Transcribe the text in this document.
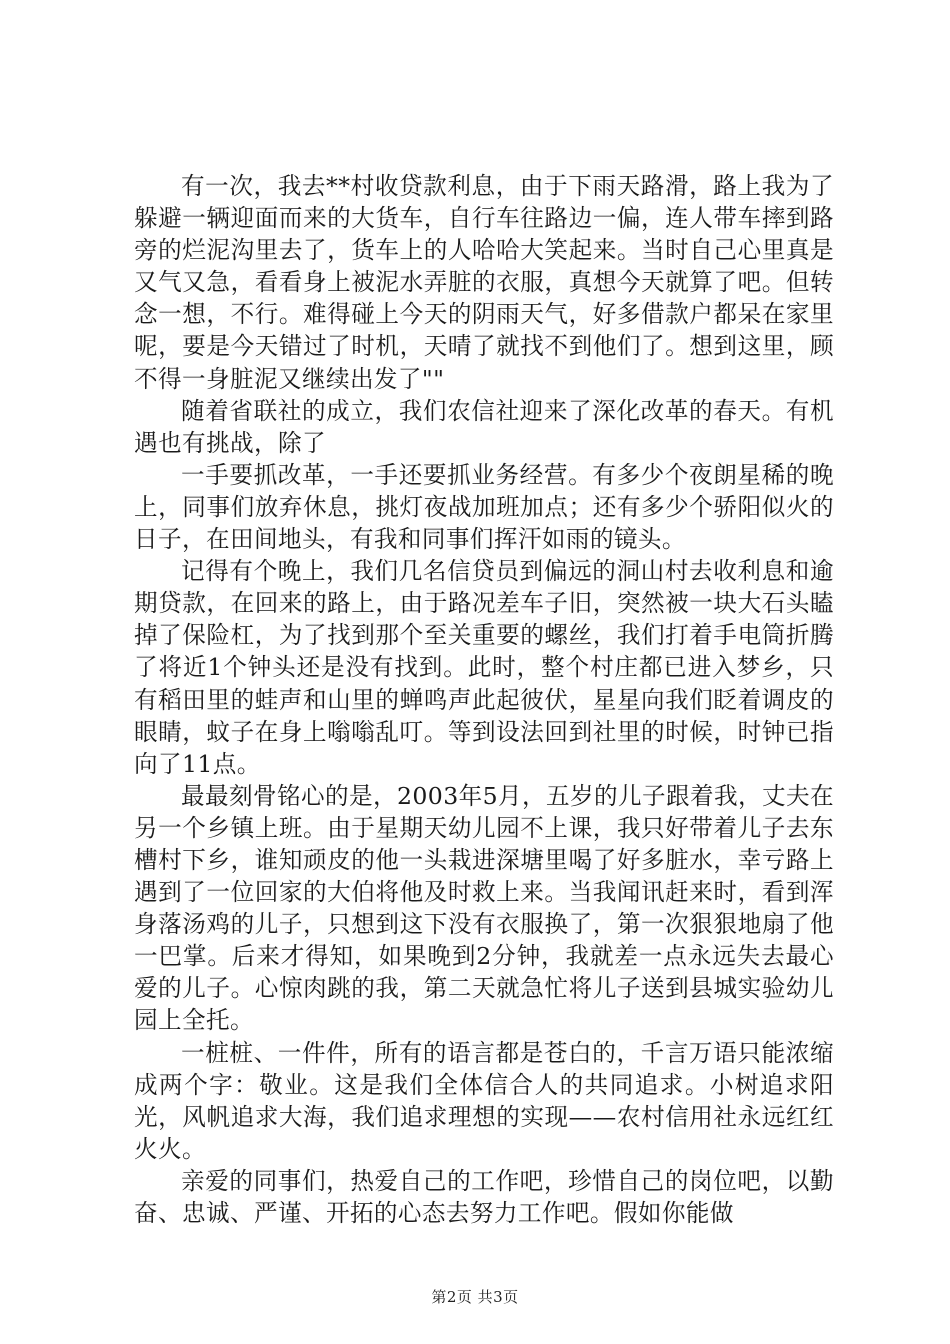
有一次，我去**村收贷款利息，由于下雨天路滑，路上我为了躲避一辆迎面而来的大货车，自行车往路边一偏，连人带车摔到路旁的烂泥沟里去了，货车上的人哈哈大笑起来。当时自己心里真是又气又急，看看身上被泥水弄脏的衣服，真想今天就算了吧。但转念一想，不行。难得碰上今天的阴雨天气，好多借款户都呆在家里呢，要是今天错过了时机，天晴了就找不到他们了。想到这里，顾不得一身脏泥又继续出发了""

随着省联社的成立，我们农信社迎来了深化改革的春天。有机遇也有挑战，除了

一手要抓改革，一手还要抓业务经营。有多少个夜朗星稀的晚上，同事们放弃休息，挑灯夜战加班加点；还有多少个骄阳似火的日子，在田间地头，有我和同事们挥汗如雨的镜头。

记得有个晚上，我们几名信贷员到偏远的洞山村去收利息和逾期贷款，在回来的路上，由于路况差车子旧，突然被一块大石头瞌掉了保险杠，为了找到那个至关重要的螺丝，我们打着手电筒折腾了将近1个钟头还是没有找到。此时，整个村庄都已进入梦乡，只有稻田里的蛙声和山里的蝉鸣声此起彼伏，星星向我们眨着调皮的眼睛，蚊子在身上嗡嗡乱叮。等到设法回到社里的时候，时钟已指向了11点。

最最刻骨铭心的是，2003年5月，五岁的儿子跟着我，丈夫在另一个乡镇上班。由于星期天幼儿园不上课，我只好带着儿子去东槽村下乡，谁知顽皮的他一头栽进深塘里喝了好多脏水，幸亏路上遇到了一位回家的大伯将他及时救上来。当我闻讯赶来时，看到浑身落汤鸡的儿子，只想到这下没有衣服换了，第一次狠狠地扇了他一巴掌。后来才得知，如果晚到2分钟，我就差一点永远失去最心爱的儿子。心惊肉跳的我，第二天就急忙将儿子送到县城实验幼儿园上全托。

一桩桩、一件件，所有的语言都是苍白的，千言万语只能浓缩成两个字：敬业。这是我们全体信合人的共同追求。小树追求阳光，风帆追求大海，我们追求理想的实现——农村信用社永远红红火火。

亲爱的同事们，热爱自己的工作吧，珍惜自己的岗位吧，以勤奋、忠诚、严谨、开拓的心态去努力工作吧。假如你能做

第2页 共3页
